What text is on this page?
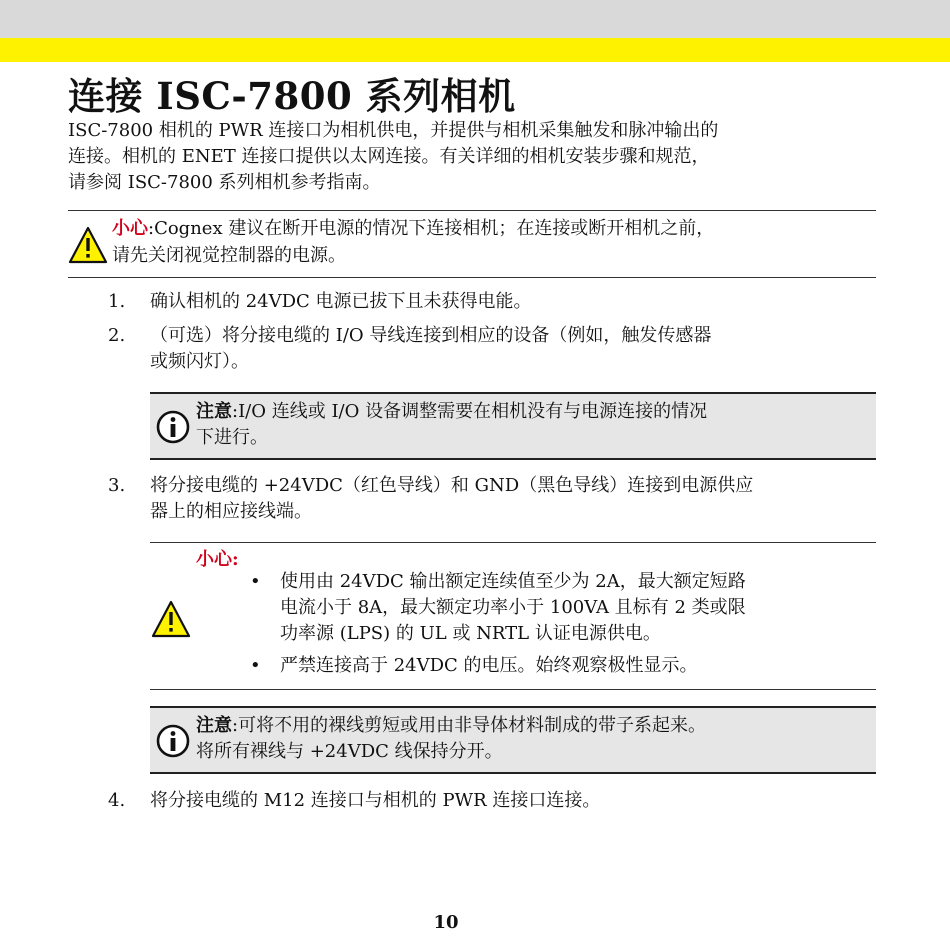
连接 ISC-7800 系列相机
ISC-7800 相机的 PWR 连接口为相机供电，并提供与相机采集触发和脉冲输出的
连接。相机的 ENET 连接口提供以太网连接。有关详细的相机安装步骤和规范，
请参阅 ISC-7800 系列相机参考指南。
小心:Cognex 建议在断开电源的情况下连接相机；在连接或断开相机之前，
请先关闭视觉控制器的电源。
1.	确认相机的 24VDC 电源已拔下且未获得电能。
2.	（可选）将分接电缆的 I/O 导线连接到相应的设备（例如，触发传感器
或频闪灯）。
注意:I/O 连线或 I/O 设备调整需要在相机没有与电源连接的情况
下进行。
3.	将分接电缆的 +24VDC（红色导线）和 GND（黑色导线）连接到电源供应
器上的相应接线端。
小心:
• 使用由 24VDC 输出额定连续值至少为 2A，最大额定短路
电流小于 8A，最大额定功率小于 100VA 且标有 2 类或限
功率源 (LPS) 的 UL 或 NRTL 认证电源供电。
• 严禁连接高于 24VDC 的电压。始终观察极性显示。
注意:可将不用的裸线剪短或用由非导体材料制成的带子系起来。
将所有裸线与 +24VDC 线保持分开。
4.	将分接电缆的 M12 连接口与相机的 PWR 连接口连接。
10
